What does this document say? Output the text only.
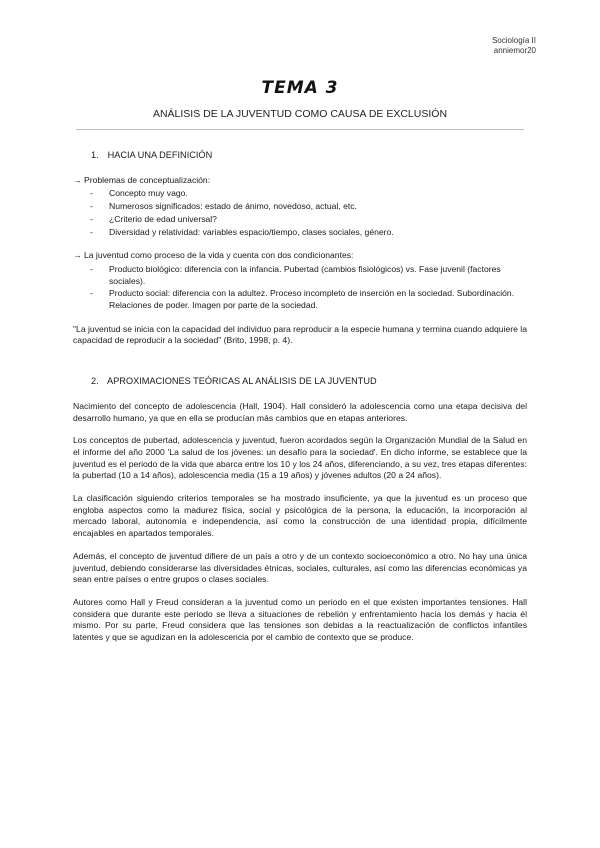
Sociología II
anniemor20
TEMA 3
ANÁLISIS DE LA JUVENTUD COMO CAUSA DE EXCLUSIÓN
1. HACIA UNA DEFINICIÓN
→ Problemas de conceptualización:
- Concepto muy vago.
- Numerosos significados: estado de ánimo, novedoso, actual, etc.
- ¿Criterio de edad universal?
- Diversidad y relatividad: variables espacio/tiempo, clases sociales, género.
→ La juventud como proceso de la vida y cuenta con dos condicionantes:
- Producto biológico: diferencia con la infancia. Pubertad (cambios fisiológicos) vs. Fase juvenil (factores sociales).
- Producto social: diferencia con la adultez. Proceso incompleto de inserción en la sociedad. Subordinación. Relaciones de poder. Imagen por parte de la sociedad.

"La juventud se inicia con la capacidad del individuo para reproducir a la especie humana y termina cuando adquiere la capacidad de reproducir a la sociedad" (Brito, 1998, p. 4).

2. APROXIMACIONES TEÓRICAS AL ANÁLISIS DE LA JUVENTUD

Nacimiento del concepto de adolescencia (Hall, 1904). Hall consideró la adolescencia como una etapa decisiva del desarrollo humano, ya que en ella se producían más cambios que en etapas anteriores.

Los conceptos de pubertad, adolescencia y juventud, fueron acordados según la Organización Mundial de la Salud en el informe del año 2000 'La salud de los jóvenes: un desafío para la sociedad'. En dicho informe, se establece que la juventud es el periodo de la vida que abarca entre los 10 y los 24 años, diferenciando, a su vez, tres etapas diferentes: la pubertad (10 a 14 años), adolescencia media (15 a 19 años) y jóvenes adultos (20 a 24 años).

La clasificación siguiendo criterios temporales se ha mostrado insuficiente, ya que la juventud es un proceso que engloba aspectos como la madurez física, social y psicológica de la persona, la educación, la incorporación al mercado laboral, autonomía e independencia, así como la construcción de una identidad propia, difícilmente encajables en apartados temporales.

Además, el concepto de juventud difiere de un país a otro y de un contexto socioeconómico a otro. No hay una única juventud, debiendo considerarse las diversidades étnicas, sociales, culturales, así como las diferencias económicas ya sean entre países o entre grupos o clases sociales.

Autores como Hall y Freud consideran a la juventud como un periodo en el que existen importantes tensiones. Hall considera que durante este periodo se lleva a situaciones de rebelión y enfrentamiento hacia los demás y hacia él mismo. Por su parte, Freud considera que las tensiones son debidas a la reactualización de conflictos infantiles latentes y que se agudizan en la adolescencia por el cambio de contexto que se produce.
